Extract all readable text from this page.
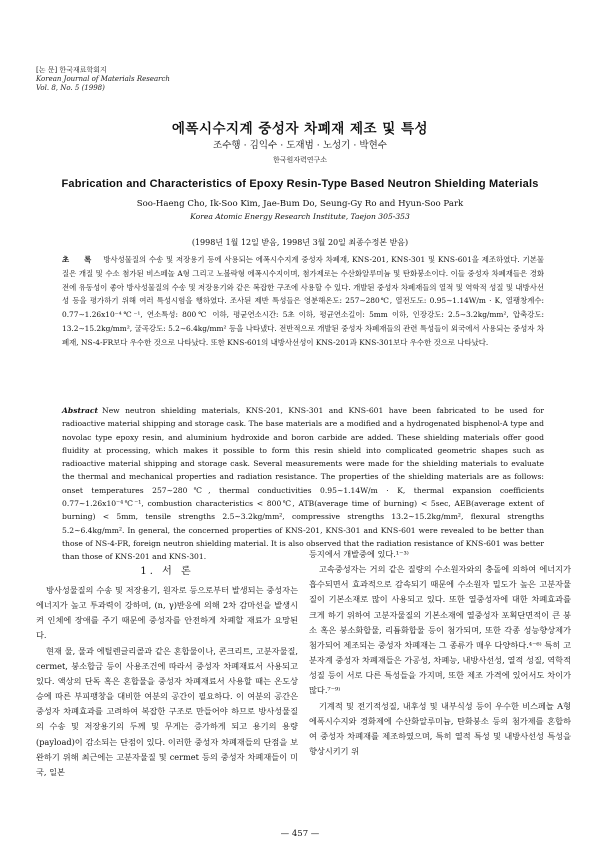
[논 문] 한국재료학회지
Korean Journal of Materials Research
Vol. 8, No. 5 (1998)
에폭시수지계 중성자 차폐재 제조 및 특성
조수행 · 김익수 · 도재범 · 노성기 · 박현수
한국원자력연구소
Fabrication and Characteristics of Epoxy Resin-Type Based Neutron Shielding Materials
Soo-Haeng Cho, Ik-Soo Kim, Jae-Bum Do, Seung-Gy Ro and Hyun-Soo Park
Korea Atomic Energy Research Institute, Taejon 305-353
(1998년 1월 12일 받음, 1998년 3월 20일 최종수정본 받음)
초 록 방사성물질의 수송 및 저장용기 등에 사용되는 에폭시수지계 중성자 차폐재, KNS-201, KNS-301 및 KNS-601을 제조하였다. 기본물질은 개질 및 수소 첨가된 비스페놀 A형 그리고 노볼락형 에폭시수지이며, 첨가제로는 수산화알루미늄 및 탄화붕소이다. 이들 중성자 차폐재들은 경화전에 유동성이 좋아 방사성물질의 수송 및 저장용기와 같은 복잡한 구조에 사용할 수 있다. 개발된 중성자 차폐재들의 열적 및 역학적 성질 및 내방사선성 등을 평가하기 위해 여러 특성시험을 행하였다. 조사된 제반 특성들은 영분해온도: 257∼280℃, 열전도도: 0.95∼1.14W/m · K, 열팽창계수: 0.77∼1.26x10⁻⁴℃⁻¹, 연소특성: 800℃ 이하, 평균연소시간: 5초 이하, 평균연소길이: 5mm 이하, 인장강도: 2.5∼3.2kg/mm², 압축강도: 13.2∼15.2kg/mm², 굴곡강도: 5.2∼6.4kg/mm² 등을 나타냈다. 전반적으로 개발된 중성자 차폐재들의 관련 특성들이 외국에서 사용되는 중성자 차폐재, NS-4-FR보다 우수한 것으로 나타났다. 또한 KNS-601의 내방사선성이 KNS-201과 KNS-301보다 우수한 것으로 나타났다.
Abstract New neutron shielding materials, KNS-201, KNS-301 and KNS-601 have been fabricated to be used for radioactive material shipping and storage cask. The base materials are a modified and a hydrogenated bisphenol-A type and novolac type epoxy resin, and aluminium hydroxide and boron carbide are added. These shielding materials offer good fluidity at processing, which makes it possible to form this resin shield into complicated geometric shapes such as radioactive material shipping and storage cask. Several measurements were made for the shielding materials to evaluate the thermal and mechanical properties and radiation resistance. The properties of the shielding materials are as follows: onset temperatures 257∼280℃, thermal conductivities 0.95∼1.14W/m · K, thermal expansion coefficients 0.77∼1.26x10⁻⁴℃⁻¹, combustion characteristics < 800℃, ATB(average time of burning) < 5sec, AEB(average extent of burning) < 5mm, tensile strengths 2.5∼3.2kg/mm², compressive strengths 13.2∼15.2kg/mm², flexural strengths 5.2∼6.4kg/mm². In general, the concerned properties of KNS-201, KNS-301 and KNS-601 were revealed to be better than those of NS-4-FR, foreign neutron shielding material. It is also observed that the radiation resistance of KNS-601 was better than those of KNS-201 and KNS-301.
1. 서 론

방사성물질의 수송 및 저장용기, 원자로 등으로부터 발생되는 중성자는 에너지가 높고 투과력이 강하며, (n, γ)반응에 의해 2차 감마선을 발생시켜 인체에 장애를 주기 때문에 중성자를 안전하게 차폐할 재료가 요망된다.

현재 물, 물과 에틸렌글리콜과 같은 혼합물이나, 콘크리트, 고분자물질, cermet, 붕소합금 등이 사용조건에 따라서 중성자 차폐재료서 사용되고 있다. 액상의 단독 혹은 혼합물을 중성자 차폐재료서 사용할 때는 온도상승에 따른 부피팽창을 대비한 여분의 공간이 필요하다. 이 여분의 공간은 중성자 차폐효과를 고려하여 복잡한 구조로 만들어야 하므로 방사성물질의 수송 및 저장용기의 두께 및 무게는 증가하게 되고 용기의 용량(payload)이 감소되는 단점이 있다. 이러한 중성자 차폐재들의 단점을 보완하기 위해 최근에는 고분자물질 및 cermet 등의 중성자 차폐재들이 미국, 일본

등지에서 개발중에 있다.¹⁻³⁾

고속중성자는 거의 같은 질량의 수소원자와의 충돌에 의하여 에너지가 흡수되면서 효과적으로 감속되기 때문에 수소원자 밀도가 높은 고분자물질이 기본소재로 많이 사용되고 있다. 또한 열중성자에 대한 차폐효과를 크게 하기 위하여 고분자물질의 기본소재에 열중성자 포획단면적이 큰 붕소 혹은 붕소화합물, 리튬화합물 등이 첨가되며, 또한 각종 성능향상제가 첨가되어 제조되는 중성자 차폐재는 그 종류가 매우 다양하다.⁴⁻⁶⁾ 특히 고분자계 중성자 차폐재들은 가공성, 차폐능, 내방사선성, 열적 성질, 역학적 성질 등이 서로 다른 특성들을 가지며, 또한 제조 가격에 있어서도 차이가 많다.⁷⁻⁹⁾

기계적 및 전기적성질, 내후성 및 내부식성 등이 우수한 비스페놀 A형 에폭시수지와 경화제에 수산화알루미늄, 탄화붕소 등의 첨가제를 혼합하여 중성자 차폐재를 제조하였으며, 특히 열적 특성 및 내방사선성 특성을 향상시키기 위

— 457 —
